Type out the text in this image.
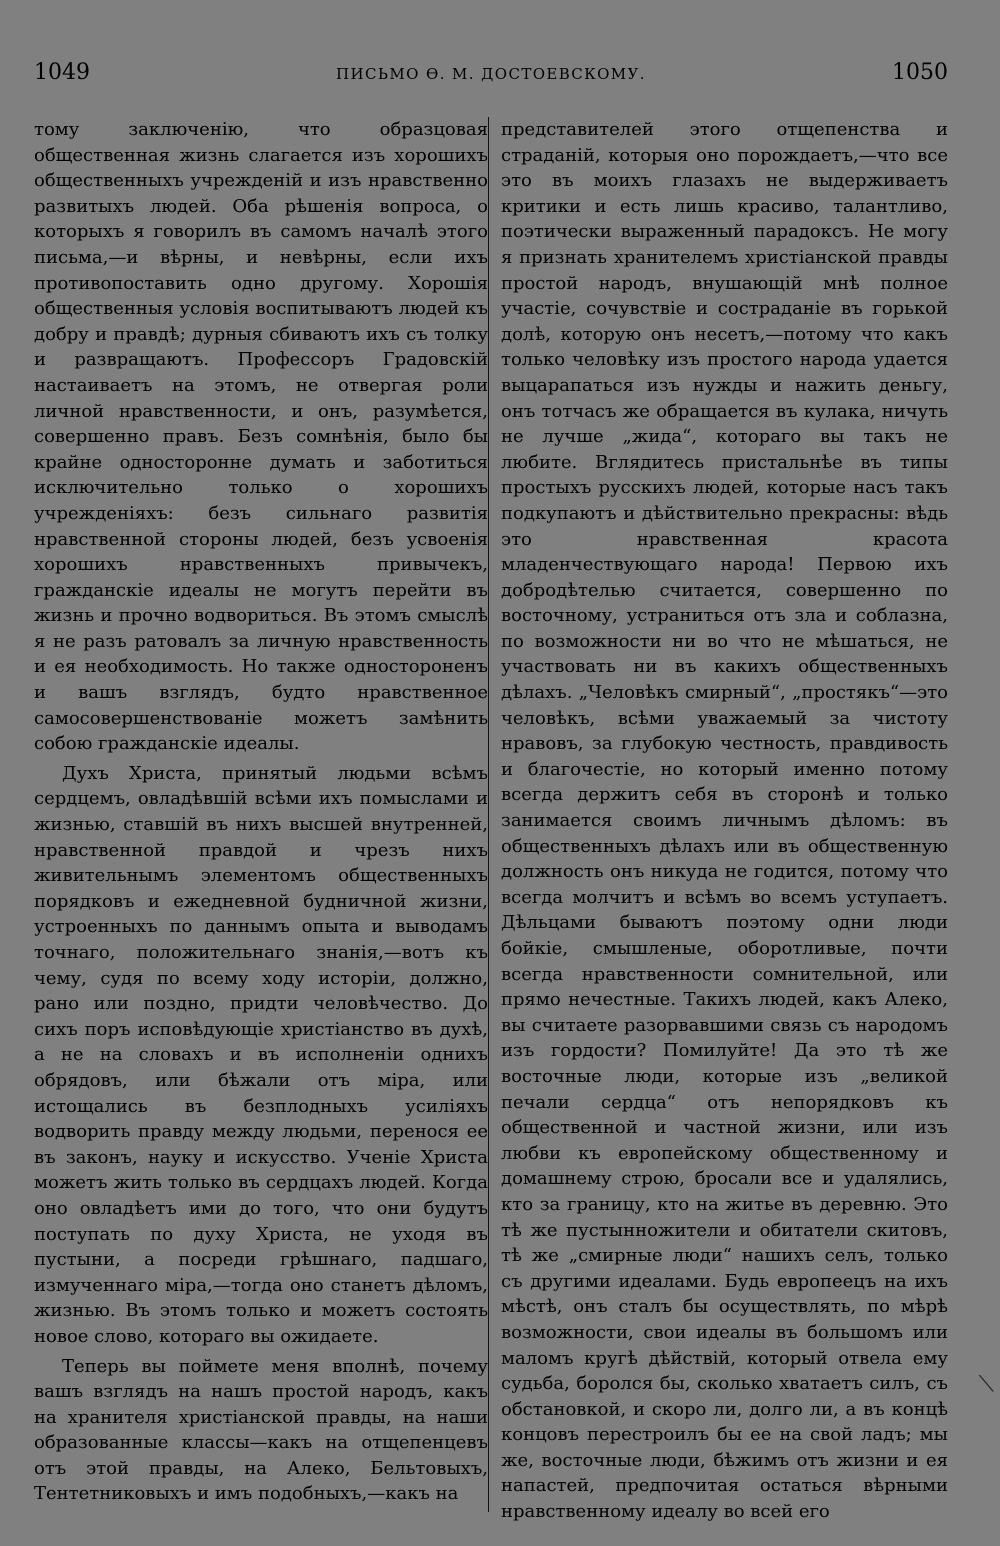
1049	ПИСЬМО Ѳ. М. ДОСТОЕВСКОМУ.	1050

тому заключенію, что образцовая общественная жизнь слагается изъ хорошихъ общественныхъ учрежденій и изъ нравственно развитыхъ людей. Оба рѣшенія вопроса, о которыхъ я говорилъ въ самомъ началѣ этого письма,—и вѣрны, и невѣрны, если ихъ противопоставить одно другому. Хорошія общественныя условія воспитываютъ людей къ добру и правдѣ; дурныя сбиваютъ ихъ съ толку и развращаютъ. Профессоръ Градовскій настаиваетъ на этомъ, не отвергая роли личной нравственности, и онъ, разумѣется, совершенно правъ. Безъ сомнѣнія, было бы крайне односторонне думать и заботиться исключительно только о хорошихъ учрежденіяхъ: безъ сильнаго развитія нравственной стороны людей, безъ усвоенія хорошихъ нравственныхъ привычекъ, гражданскіе идеалы не могутъ перейти въ жизнь и прочно водвориться. Въ этомъ смыслѣ я не разъ ратовалъ за личную нравственность и ея необходимость. Но также одностороненъ и вашъ взглядъ, будто нравственное самосовершенствованіе можетъ замѣнить собою гражданскіе идеалы.

Духъ Христа, принятый людьми всѣмъ сердцемъ, овладѣвшій всѣми ихъ помыслами и жизнью, ставшій въ нихъ высшей внутренней, нравственной правдой и чрезъ нихъ живительнымъ элементомъ общественныхъ порядковъ и ежедневной будничной жизни, устроенныхъ по даннымъ опыта и выводамъ точнаго, положительнаго знанія,—вотъ къ чему, судя по всему ходу исторіи, должно, рано или поздно, придти человѣчество. До сихъ поръ исповѣдующіе христіанство въ духѣ, а не на словахъ и въ исполненіи однихъ обрядовъ, или бѣжали отъ міра, или истощались въ безплодныхъ усиліяхъ водворить правду между людьми, перенося ее въ законъ, науку и искусство. Ученіе Христа можетъ жить только въ сердцахъ людей. Когда оно овладѣетъ ими до того, что они будутъ поступать по духу Христа, не уходя въ пустыни, а посреди грѣшнаго, падшаго, измученнаго міра,—тогда оно станетъ дѣломъ, жизнью. Въ этомъ только и можетъ состоять новое слово, котораго вы ожидаете.

Теперь вы поймете меня вполнѣ, почему вашъ взглядъ на нашъ простой народъ, какъ на хранителя христіанской правды, на наши образованные классы—какъ на отщепенцевъ отъ этой правды, на Алеко, Бельтовыхъ, Тентетниковыхъ и имъ подобныхъ,—какъ на

представителей этого отщепенства и страданій, которыя оно порождаетъ,—что все это въ моихъ глазахъ не выдерживаетъ критики и есть лишь красиво, талантливо, поэтически выраженный парадоксъ. Не могу я признать хранителемъ христіанской правды простой народъ, внушающій мнѣ полное участіе, сочувствіе и состраданіе въ горькой долѣ, которую онъ несетъ,—потому что какъ только человѣку изъ простого народа удается выцарапаться изъ нужды и нажить деньгу, онъ тотчасъ же обращается въ кулака, ничуть не лучше „жида“, котораго вы такъ не любите. Вглядитесь пристальнѣе въ типы простыхъ русскихъ людей, которые насъ такъ подкупаютъ и дѣйствительно прекрасны: вѣдь это нравственная красота младенчествующаго народа! Первою ихъ добродѣтелью считается, совершенно по восточному, устраниться отъ зла и соблазна, по возможности ни во что не мѣшаться, не участвовать ни въ какихъ общественныхъ дѣлахъ. „Человѣкъ смирный“, „простякъ“—это человѣкъ, всѣми уважаемый за чистоту нравовъ, за глубокую честность, правдивость и благочестіе, но который именно потому всегда держитъ себя въ сторонѣ и только занимается своимъ личнымъ дѣломъ: въ общественныхъ дѣлахъ или въ общественную должность онъ никуда не годится, потому что всегда молчитъ и всѣмъ во всемъ уступаетъ. Дѣльцами бываютъ поэтому одни люди бойкіе, смышленые, оборотливые, почти всегда нравственности сомнительной, или прямо нечестные. Такихъ людей, какъ Алеко, вы считаете разорвавшими связь съ народомъ изъ гордости? Помилуйте! Да это тѣ же восточные люди, которые изъ „великой печали сердца“ отъ непорядковъ къ общественной и частной жизни, или изъ любви къ европейскому общественному и домашнему строю, бросали все и удалялись, кто за границу, кто на житье въ деревню. Это тѣ же пустынножители и обитатели скитовъ, тѣ же „смирные люди“ нашихъ селъ, только съ другими идеалами. Будь европеецъ на ихъ мѣстѣ, онъ сталъ бы осуществлять, по мѣрѣ возможности, свои идеалы въ большомъ или маломъ кругѣ дѣйствій, который отвела ему судьба, боролся бы, сколько хватаетъ силъ, съ обстановкой, и скоро ли, долго ли, а въ концѣ концовъ перестроилъ бы ее на свой ладъ; мы же, восточные люди, бѣжимъ отъ жизни и ея напастей, предпочитая остаться вѣрными нравственному идеалу во всей его

⟍
